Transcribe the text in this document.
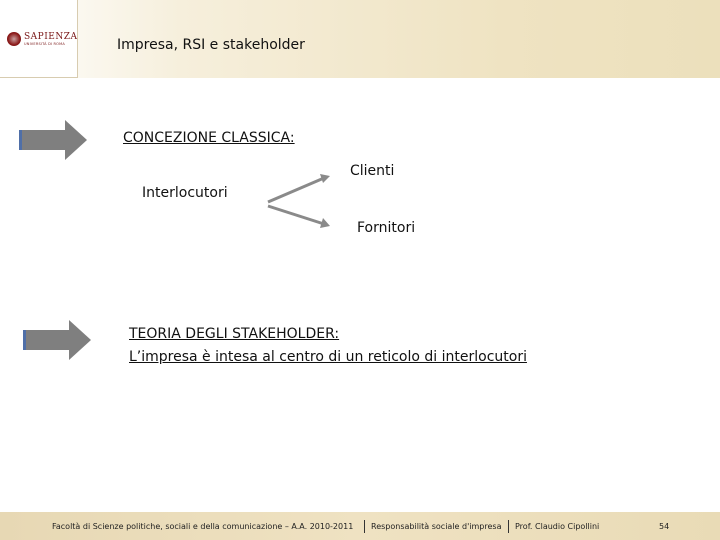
SAPIENZA
UNIVERSITÀ DI ROMA	Impresa, RSI e stakeholder
CONCEZIONE CLASSICA:
Clienti
Interlocutori
Fornitori
TEORIA DEGLI STAKEHOLDER:
L’impresa è intesa al centro di un reticolo di interlocutori
Facoltà di Scienze politiche, sociali e della comunicazione – A.A. 2010-2011 Responsabilità sociale d'impresa Prof. Claudio Cipollini	54
